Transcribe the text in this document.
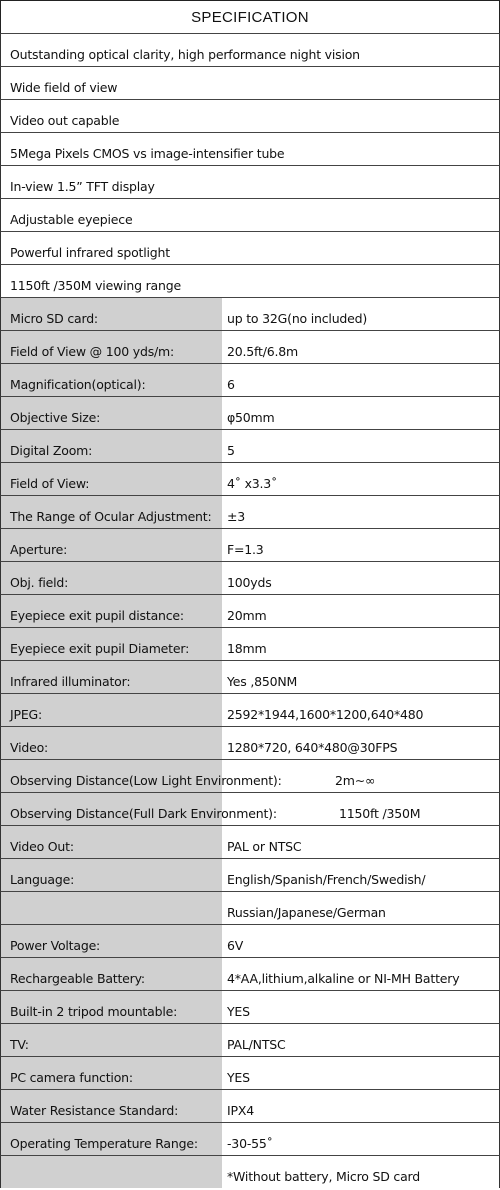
SPECIFICATION
Outstanding optical clarity, high performance night vision
Wide field of view
Video out capable
5Mega Pixels CMOS vs image-intensifier tube
In-view 1.5” TFT display
Adjustable eyepiece
Powerful infrared spotlight
1150ft /350M viewing range
Micro SD card:	up to 32G(no included)
Field of View @ 100 yds/m:	20.5ft/6.8m
Magnification(optical):	6
Objective Size:	φ50mm
Digital Zoom:	5
Field of View:	4˚ x3.3˚
The Range of Ocular Adjustment: ±3
Aperture:	F=1.3
Obj. field:	100yds
Eyepiece exit pupil distance:	20mm
Eyepiece exit pupil Diameter:	18mm
Infrared illuminator:	Yes ,850NM
JPEG:	2592*1944,1600*1200,640*480
Video:	1280*720, 640*480@30FPS
Observing Distance(Low Light Environment):	2m∼∞
Observing Distance(Full Dark Environment):	1150ft /350M
Video Out:	PAL or NTSC
Language:	English/Spanish/French/Swedish/
Russian/Japanese/German
Power Voltage:	6V
Rechargeable Battery:	4*AA,lithium,alkaline or NI-MH Battery
Built-in 2 tripod mountable:	YES
TV:	PAL/NTSC
PC camera function:	YES
Water Resistance Standard:	IPX4
Operating Temperature Range: -30-55˚
*Without battery, Micro SD card
